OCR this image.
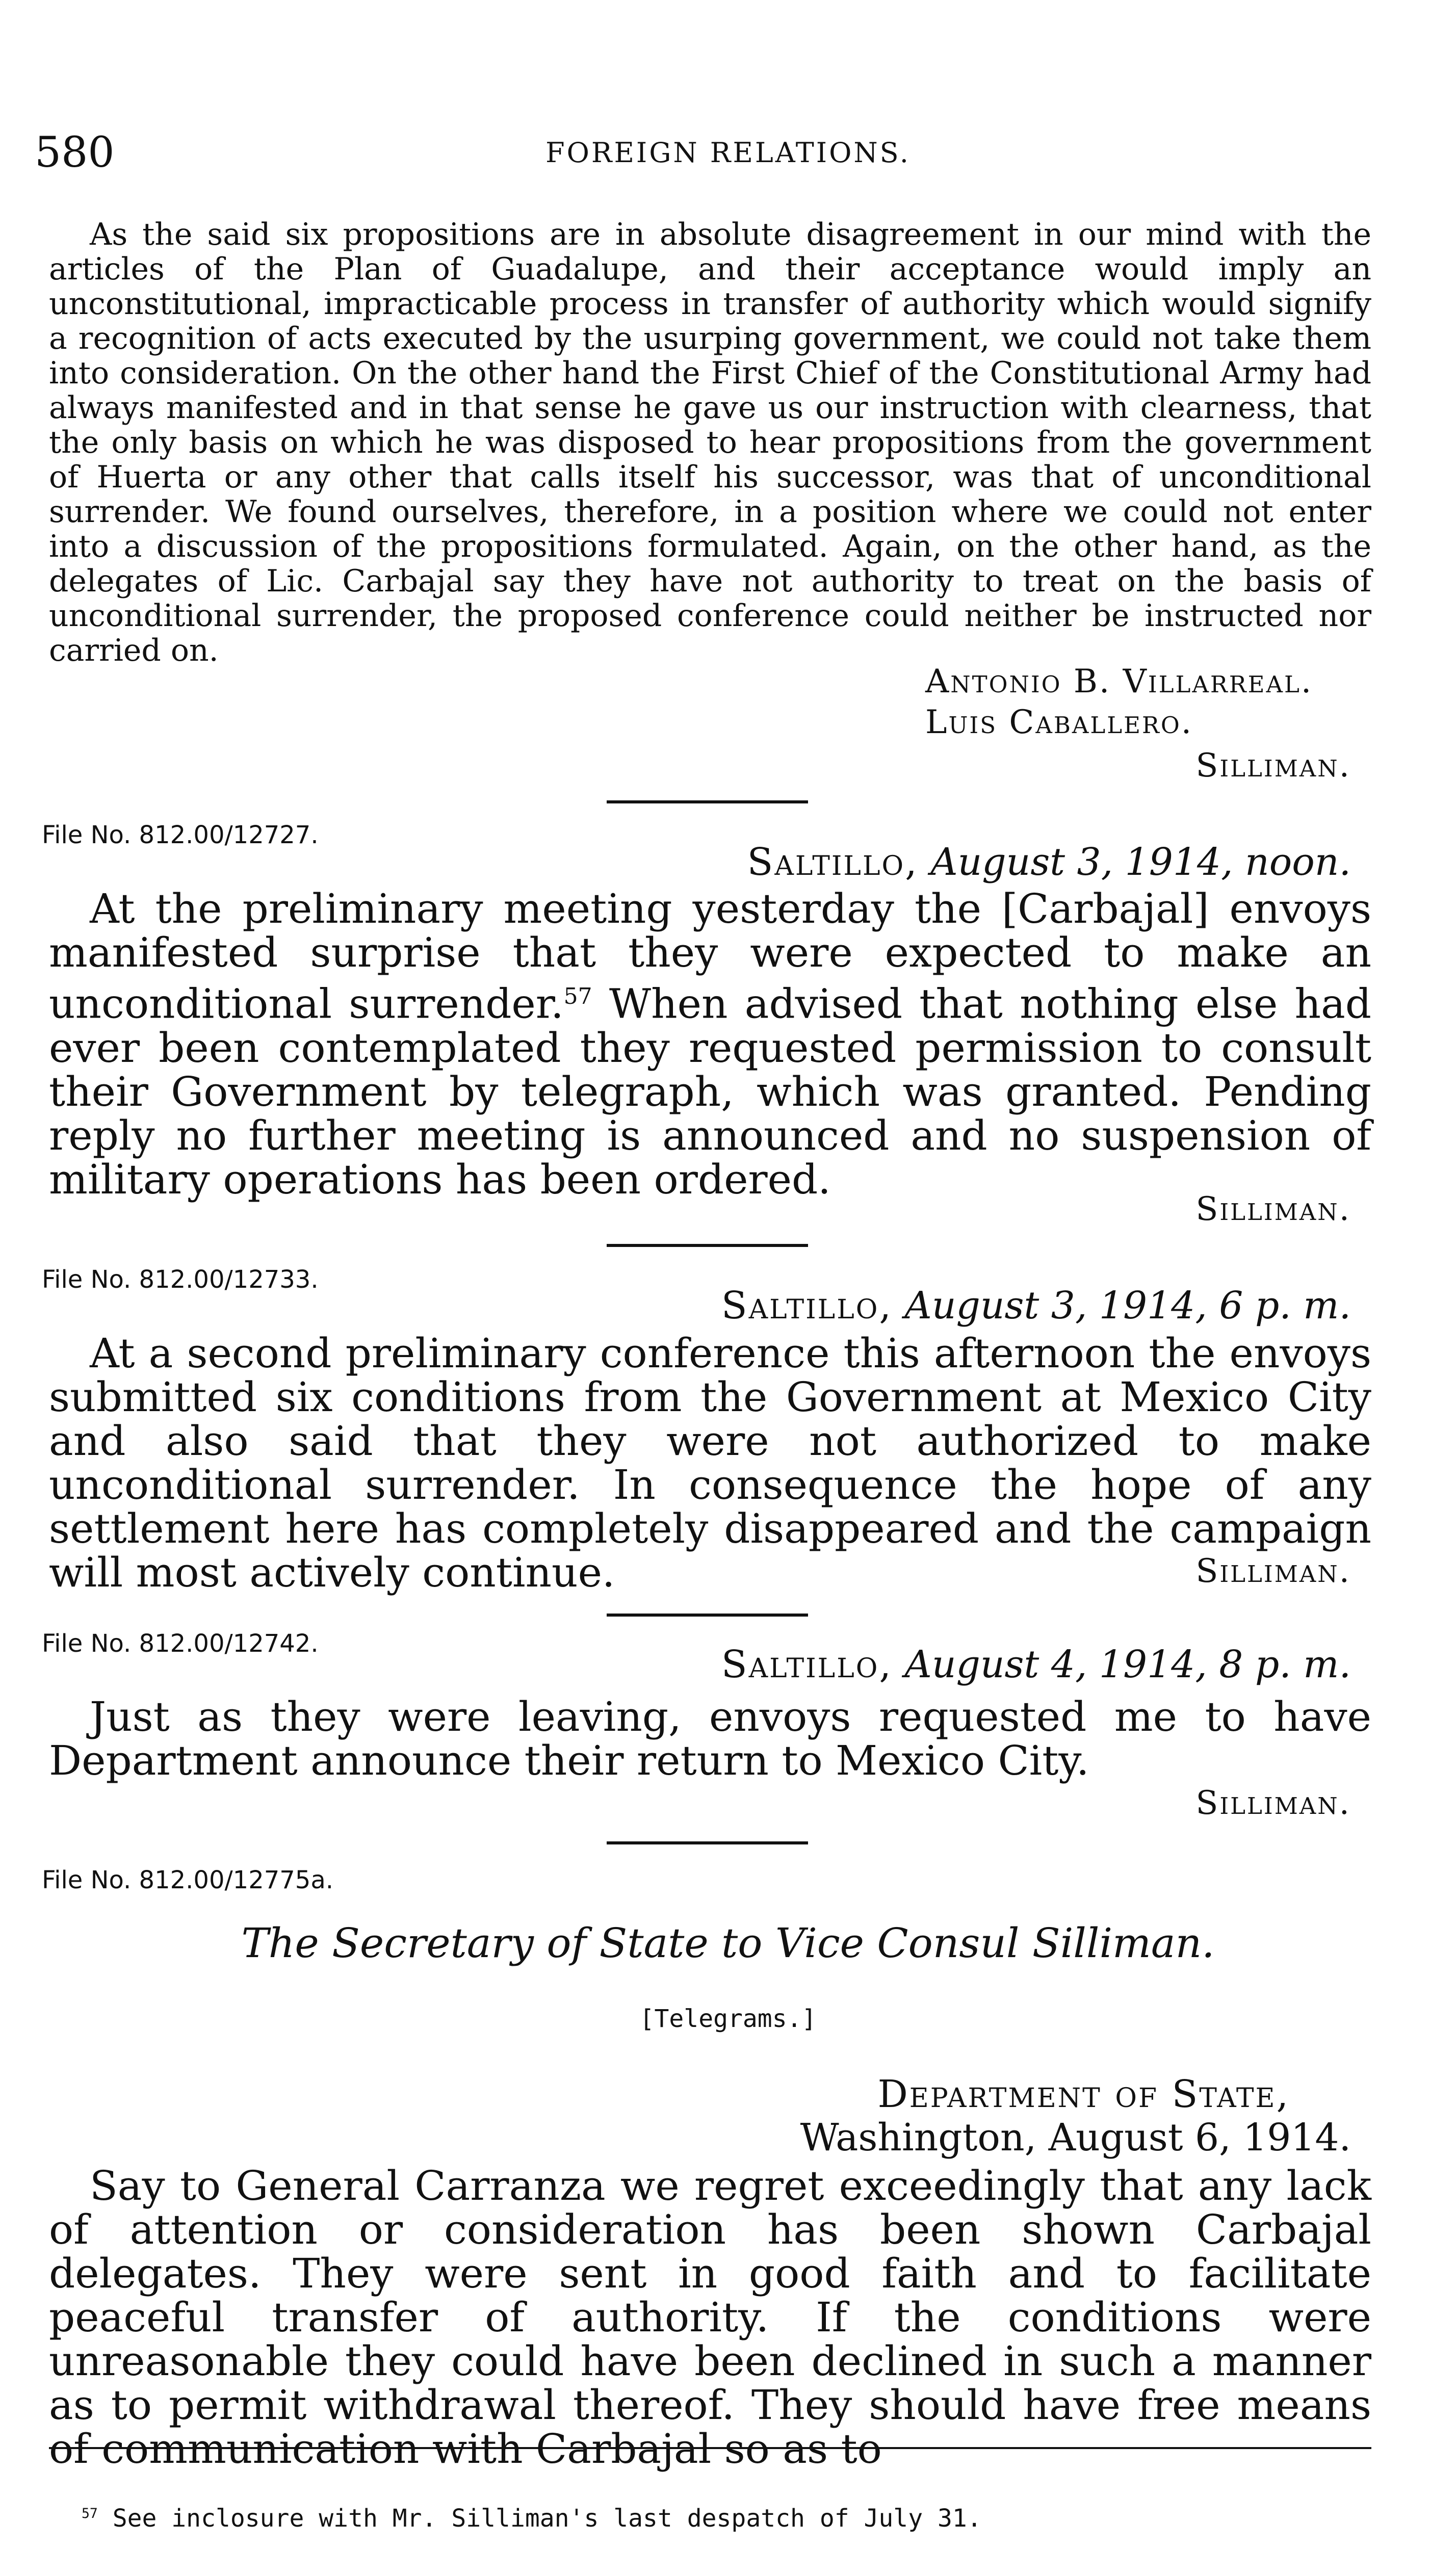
580	FOREIGN RELATIONS.

As the said six propositions are in absolute disagreement in our mind with the articles of the Plan of Guadalupe, and their acceptance would imply an unconstitutional, impracticable process in transfer of authority which would signify a recognition of acts executed by the usurping government, we could not take them into consideration. On the other hand the First Chief of the Constitutional Army had always manifested and in that sense he gave us our instruction with clearness, that the only basis on which he was disposed to hear propositions from the government of Huerta or any other that calls itself his successor, was that of unconditional surrender. We found ourselves, therefore, in a position where we could not enter into a discussion of the propositions formulated. Again, on the other hand, as the delegates of Lic. Carbajal say they have not authority to treat on the basis of unconditional surrender, the proposed conference could neither be instructed nor carried on.

Antonio B. Villarreal.
Luis Caballero.
Silliman.
File No. 812.00/12727.
Saltillo, August 3, 1914, noon.

At the preliminary meeting yesterday the [Carbajal] envoys manifested surprise that they were expected to make an unconditional surrender.$^{57}$ When advised that nothing else had ever been contemplated they requested permission to consult their Government by telegraph, which was granted. Pending reply no further meeting is announced and no suspension of military operations has been ordered.

Silliman.
File No. 812.00/12733.
Saltillo, August 3, 1914, 6 p. m.

At a second preliminary conference this afternoon the envoys submitted six conditions from the Government at Mexico City and also said that they were not authorized to make unconditional surrender. In consequence the hope of any settlement here has completely disappeared and the campaign will most actively continue.	Silliman.
File No. 812.00/12742.	Saltillo, August 4, 1914, 8 p. m.

Just as they were leaving, envoys requested me to have Department announce their return to Mexico City.

Silliman.
File No. 812.00/12775a.
The Secretary of State to Vice Consul Silliman.
[Telegrams.]
Department of State,
Washington, August 6, 1914.

Say to General Carranza we regret exceedingly that any lack of attention or consideration has been shown Carbajal delegates. They were sent in good faith and to facilitate peaceful transfer of authority. If the conditions were unreasonable they could have been declined in such a manner as to permit withdrawal thereof. They should have free means of communication with Carbajal so as to

$^{57}$ See inclosure with Mr. Silliman's last despatch of July 31.
